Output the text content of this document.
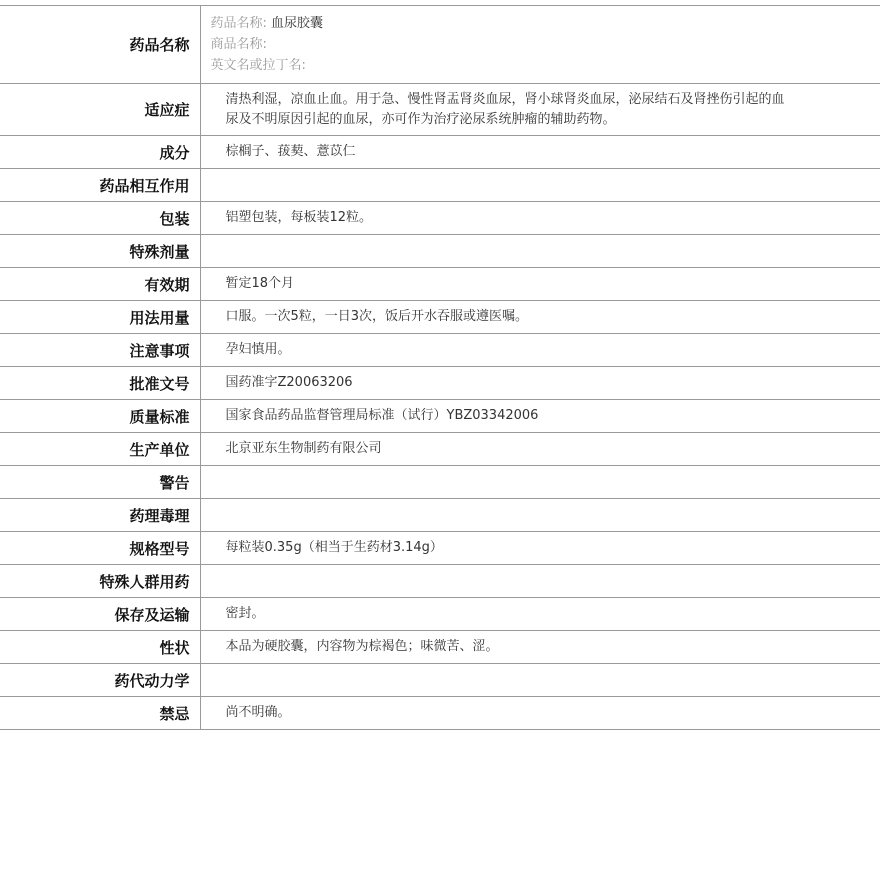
药品名称	药品名称: 血尿胶囊
商品名称:
英文名或拉丁名:

适应症	清热利湿，凉血止血。用于急、慢性肾盂肾炎血尿，肾小球肾炎血尿，泌尿结石及肾挫伤引起的血尿及不明原因引起的血尿，亦可作为治疗泌尿系统肿瘤的辅助药物。
成分	棕榈子、菝葜、薏苡仁
药品相互作用	
包装	铝塑包装，每板装12粒。
特殊剂量	
有效期	暂定18个月
用法用量	口服。一次5粒，一日3次，饭后开水吞服或遵医嘱。
注意事项	孕妇慎用。
批准文号	国药准字Z20063206
质量标准	国家食品药品监督管理局标准（试行）YBZ03342006
生产单位	北京亚东生物制药有限公司
警告	
药理毒理	
规格型号	每粒装0.35g（相当于生药材3.14g）
特殊人群用药	
保存及运输	密封。
性状	本品为硬胶囊，内容物为棕褐色；味微苦、涩。
药代动力学	
禁忌	尚不明确。
